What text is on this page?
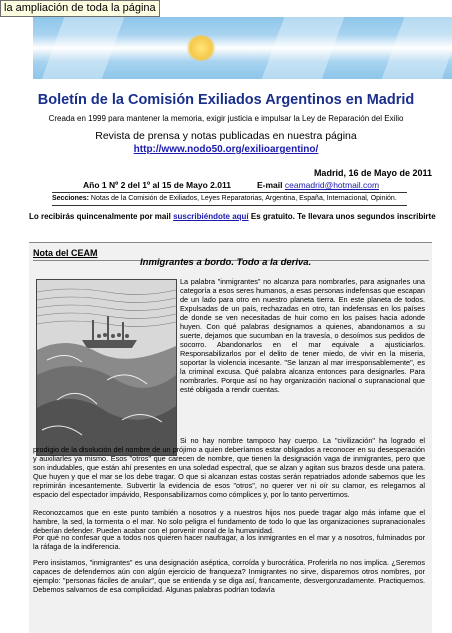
la ampliación de toda la página
Boletín de la Comisión Exiliados Argentinos en Madrid
Creada en 1999 para mantener la memoria, exigir justicia e impulsar la Ley de Reparación del Exilio
Revista de prensa y notas publicadas en nuestra página
http://www.nodo50.org/exilioargentino/
Madrid, 16 de Mayo de 2011
Año 1 Nº 2 del 1º al 15 de Mayo 2.011	E-mail ceamadrid@hotmail.com
Secciones: Notas de la Comisión de Exiliados, Leyes Reparatorias, Argentina, España, Internacional, Opinión.
Lo recibirás quincenalmente por mail suscribiéndote aquí Es gratuito. Te llevara unos segundos inscribirte
Nota del CEAM
Inmigrantes a bordo. Todo a la deriva.
La palabra "inmigrantes" no alcanza para nombrarles, para asignarles una categoría a esos seres humanos, a esas personas indefensas que escapan de un lado para otro en nuestro planeta tierra. En este planeta de todos. Expulsadas de un país, rechazadas en otro, tan indefensas en los países de donde se ven necesitadas de huir como en los países hacia adonde huyen. Con qué palabras designamos a quienes, abandonamos a su suerte, dejamos que sucumban en la travesía, o desoímos sus pedidos de socorro. Abandonarlos en el mar equivale a ajusticiarlos. Responsabilizarlos por el delito de tener miedo, de vivir en la miseria, soportar la violencia incesante. "Se lanzan al mar irresponsablemente", es la criminal excusa. Qué palabra alcanza entonces para designarles. Para nombrarles. Porque así no hay organización nacional o supranacional que esté obligada a rendir cuentas.
Si no hay nombre tampoco hay cuerpo. La "civilización" ha logrado el prodigio de la disolución del nombre de un prójimo a quien deberíamos estar obligados a reconocer en su desesperación y auxiliarles ya mismo. Esos "otros" que carecen de nombre, que tienen la designación vaga de inmigrantes, pero que son indudables, que están ahí presentes en una soledad espectral, que se alzan y agitan sus brazos desde una patera. Que huyen y que el mar se los debe tragar. O que si alcanzan estas costas serán repatriados adonde sabemos que les reprimirán incesantemente. Subvertir la evidencia de esos "otros", no querer ver ni oír su clamor, es relegarnos al espacio del espectador impávido, Responsabilizarnos como cómplices y, por lo tanto pervertirnos.
Reconozcamos que en este punto también a nosotros y a nuestros hijos nos puede tragar algo más infame que el hambre, la sed, la tormenta o el mar. No solo peligra el fundamento de todo lo que las organizaciones supranacionales deberían defender. Pueden acabar con el porvenir moral de la humanidad.
Por qué no confesar que a todos nos quieren hacer naufragar, a los inmigrantes en el mar y a nosotros, fulminados por la ráfaga de la indiferencia.
Pero insistamos, "inmigrantes" es una designación aséptica, corroída y burocrática. Proferirla no nos implica. ¿Seremos capaces de defendernos aún con algún ejercicio de franqueza? Inmigrantes no sirve, disparemos otros nombres, por ejemplo: "personas fáciles de anular", que se entienda y se diga así, francamente, desvergonzadamente. Practiquemos. Debemos salvarnos de esa complicidad. Algunas palabras podrían todavía
